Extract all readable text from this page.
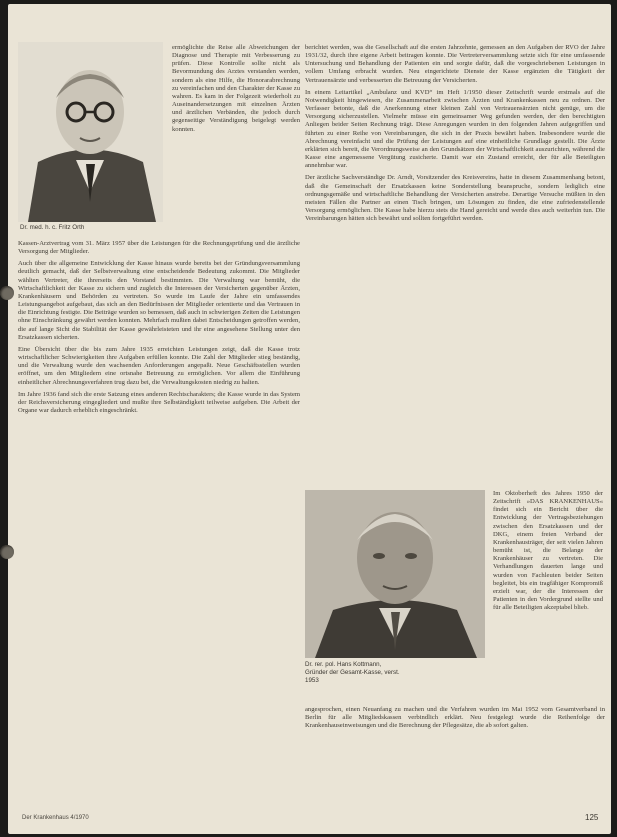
Dr. med. h. c. Fritz Orth

ermöglichte die Reise alle Abweichungen der Diagnose und Therapie mit Verbesserung zu prüfen. Diese Kontrolle sollte nicht als Bevormundung des Arztes verstanden werden, sondern als eine Hilfe, die Honorarabrechnung zu vereinfachen und den Charakter der Kasse zu wahren. Es kam in der Folgezeit wiederholt zu Auseinandersetzungen mit einzelnen Ärzten und ärztlichen Verbänden, die jedoch durch gegenseitige Verständigung beigelegt werden konnten.

Kassen-Arztvertrag vom 31. März 1957 über die Leistungen für die Rechnungsprüfung und die ärztliche Versorgung der Mitglieder.

Auch über die allgemeine Entwicklung der Kasse hinaus wurde bereits bei der Gründungsversammlung deutlich gemacht, daß der Selbstverwaltung eine entscheidende Bedeutung zukommt. Die Mitglieder wählten Vertreter, die ihrerseits den Vorstand bestimmten. Die Verwaltung war bemüht, die Wirtschaftlichkeit der Kasse zu sichern und zugleich die Interessen der Versicherten gegenüber Ärzten, Krankenhäusern und Behörden zu vertreten. So wurde im Laufe der Jahre ein umfassendes Leistungsangebot aufgebaut, das sich an den Bedürfnissen der Mitglieder orientierte und das Vertrauen in die Einrichtung festigte. Die Beiträge wurden so bemessen, daß auch in schwierigen Zeiten die Leistungen ohne Einschränkung gewährt werden konnten. Mehrfach mußten dabei Entscheidungen getroffen werden, die auf lange Sicht die Stabilität der Kasse gewährleisteten und ihr eine angesehene Stellung unter den Ersatzkassen sicherten.

Eine Übersicht über die bis zum Jahre 1935 erreichten Leistungen zeigt, daß die Kasse trotz wirtschaftlicher Schwierigkeiten ihre Aufgaben erfüllen konnte. Die Zahl der Mitglieder stieg beständig, und die Verwaltung wurde den wachsenden Anforderungen angepaßt. Neue Geschäftsstellen wurden eröffnet, um den Mitgliedern eine ortsnahe Betreuung zu ermöglichen. Vor allem die Einführung einheitlicher Abrechnungsverfahren trug dazu bei, die Verwaltungskosten niedrig zu halten.

Im Jahre 1936 fand sich die erste Satzung eines anderen Rechtscharakters; die Kasse wurde in das System der Reichsversicherung eingegliedert und mußte ihre Selbständigkeit teilweise aufgeben. Die Arbeit der Organe war dadurch erheblich eingeschränkt.

berichtet werden, was die Gesellschaft auf die ersten Jahrzehnte, gemessen an den Aufgaben der RVO der Jahre 1931/32, durch ihre eigene Arbeit beitragen konnte. Die Vertreterversammlung setzte sich für eine umfassende Untersuchung und Behandlung der Patienten ein und sorgte dafür, daß die vorgeschriebenen Leistungen in vollem Umfang erbracht wurden. Neu eingerichtete Dienste der Kasse ergänzten die Tätigkeit der Vertrauensärzte und verbesserten die Betreuung der Versicherten.

In einem Leitartikel „Ambulanz und KVD“ im Heft 1/1950 dieser Zeitschrift wurde erstmals auf die Notwendigkeit hingewiesen, die Zusammenarbeit zwischen Ärzten und Krankenkassen neu zu ordnen. Der Verfasser betonte, daß die Anerkennung einer kleinen Zahl von Vertrauensärzten nicht genüge, um die Versorgung sicherzustellen. Vielmehr müsse ein gemeinsamer Weg gefunden werden, der den berechtigten Anliegen beider Seiten Rechnung trägt. Diese Anregungen wurden in den folgenden Jahren aufgegriffen und führten zu einer Reihe von Vereinbarungen, die sich in der Praxis bewährt haben. Insbesondere wurde die Abrechnung vereinfacht und die Prüfung der Leistungen auf eine einheitliche Grundlage gestellt. Die Ärzte erklärten sich bereit, die Verordnungsweise an den Grundsätzen der Wirtschaftlichkeit auszurichten, während die Kasse eine angemessene Vergütung zusicherte. Damit war ein Zustand erreicht, der für alle Beteiligten annehmbar war.

Der ärztliche Sachverständige Dr. Arndt, Vorsitzender des Kreisvereins, hatte in diesem Zusammenhang betont, daß die Gemeinschaft der Ersatzkassen keine Sonderstellung beanspruche, sondern lediglich eine ordnungsgemäße und wirtschaftliche Behandlung der Versicherten anstrebe. Derartige Versuche müßten in den meisten Fällen die Partner an einen Tisch bringen, um Lösungen zu finden, die eine zufriedenstellende Versorgung ermöglichen. Die Kasse habe hierzu stets die Hand gereicht und werde dies auch weiterhin tun. Die Vereinbarungen hätten sich bewährt und sollten fortgeführt werden.

Dr. rer. pol. Hans Kottmann, Gründer der Gesamt-Kasse, verst. 1953

Im Oktoberheft des Jahres 1950 der Zeitschrift »DAS KRANKENHAUS« findet sich ein Bericht über die Entwicklung der Vertragsbeziehungen zwischen den Ersatzkassen und der DKG, einem freien Verband der Krankenhausträger, der seit vielen Jahren bemüht ist, die Belange der Krankenhäuser zu vertreten. Die Verhandlungen dauerten lange und wurden von Fachleuten beider Seiten begleitet, bis ein tragfähiger Kompromiß erzielt war, der die Interessen der Patienten in den Vordergrund stellte und für alle Beteiligten akzeptabel blieb.

angesprochen, einen Neuanfang zu machen und die Verfahren wurden im Mai 1952 vom Gesamtverband in Berlin für alle Mitgliedskassen verbindlich erklärt. Neu festgelegt wurde die Reihenfolge der Krankenhauseinweisungen und die Berechnung der Pflegesätze, die ab sofort galten.

Der Krankenhaus 4/1970	125
